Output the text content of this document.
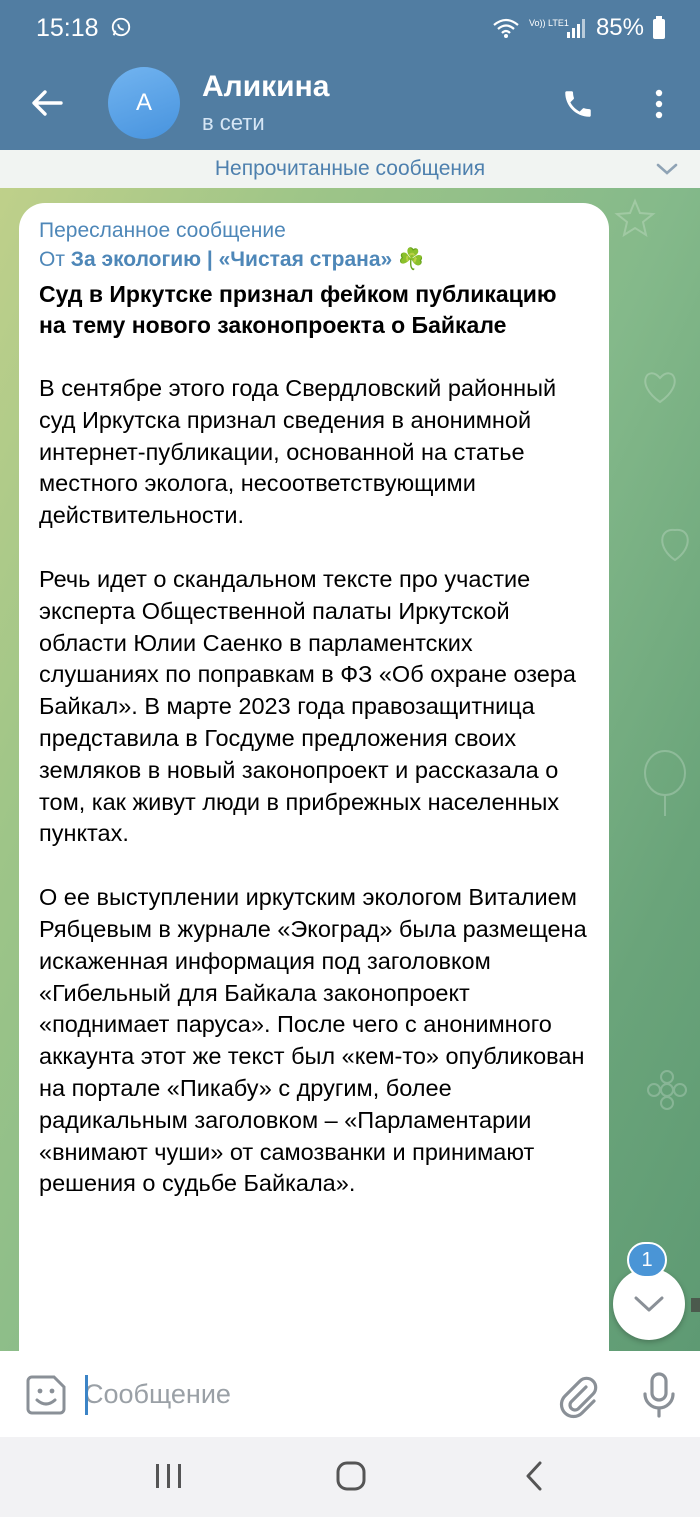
15:18	Vo)) LTE1 85%
А Аликина
в сети
Непрочитанные сообщения
Пересланное сообщение
От За экологию | «Чистая страна» ☘️
Суд в Иркутске признал фейком публикацию на тему нового законопроекта о Байкале
В сентябре этого года Свердловский районный суд Иркутска признал сведения в анонимной интернет-публикации, основанной на статье местного эколога, несоответствующими действительности.
Речь идет о скандальном тексте про участие эксперта Общественной палаты Иркутской области Юлии Саенко в парламентских слушаниях по поправкам в ФЗ «Об охране озера Байкал». В марте 2023 года правозащитница представила в Госдуме предложения своих земляков в новый законопроект и рассказала о том, как живут люди в прибрежных населенных пунктах.
О ее выступлении иркутским экологом Виталием Рябцевым в журнале «Экоград» была размещена искаженная информация под заголовком «Гибельный для Байкала законопроект «поднимает паруса». После чего с анонимного аккаунта этот же текст был «кем-то» опубликован на портале «Пикабу» с другим, более радикальным заголовком – «Парламентарии «внимают чуши» от самозванки и принимают решения о судьбе Байкала».
1
Сообщение
